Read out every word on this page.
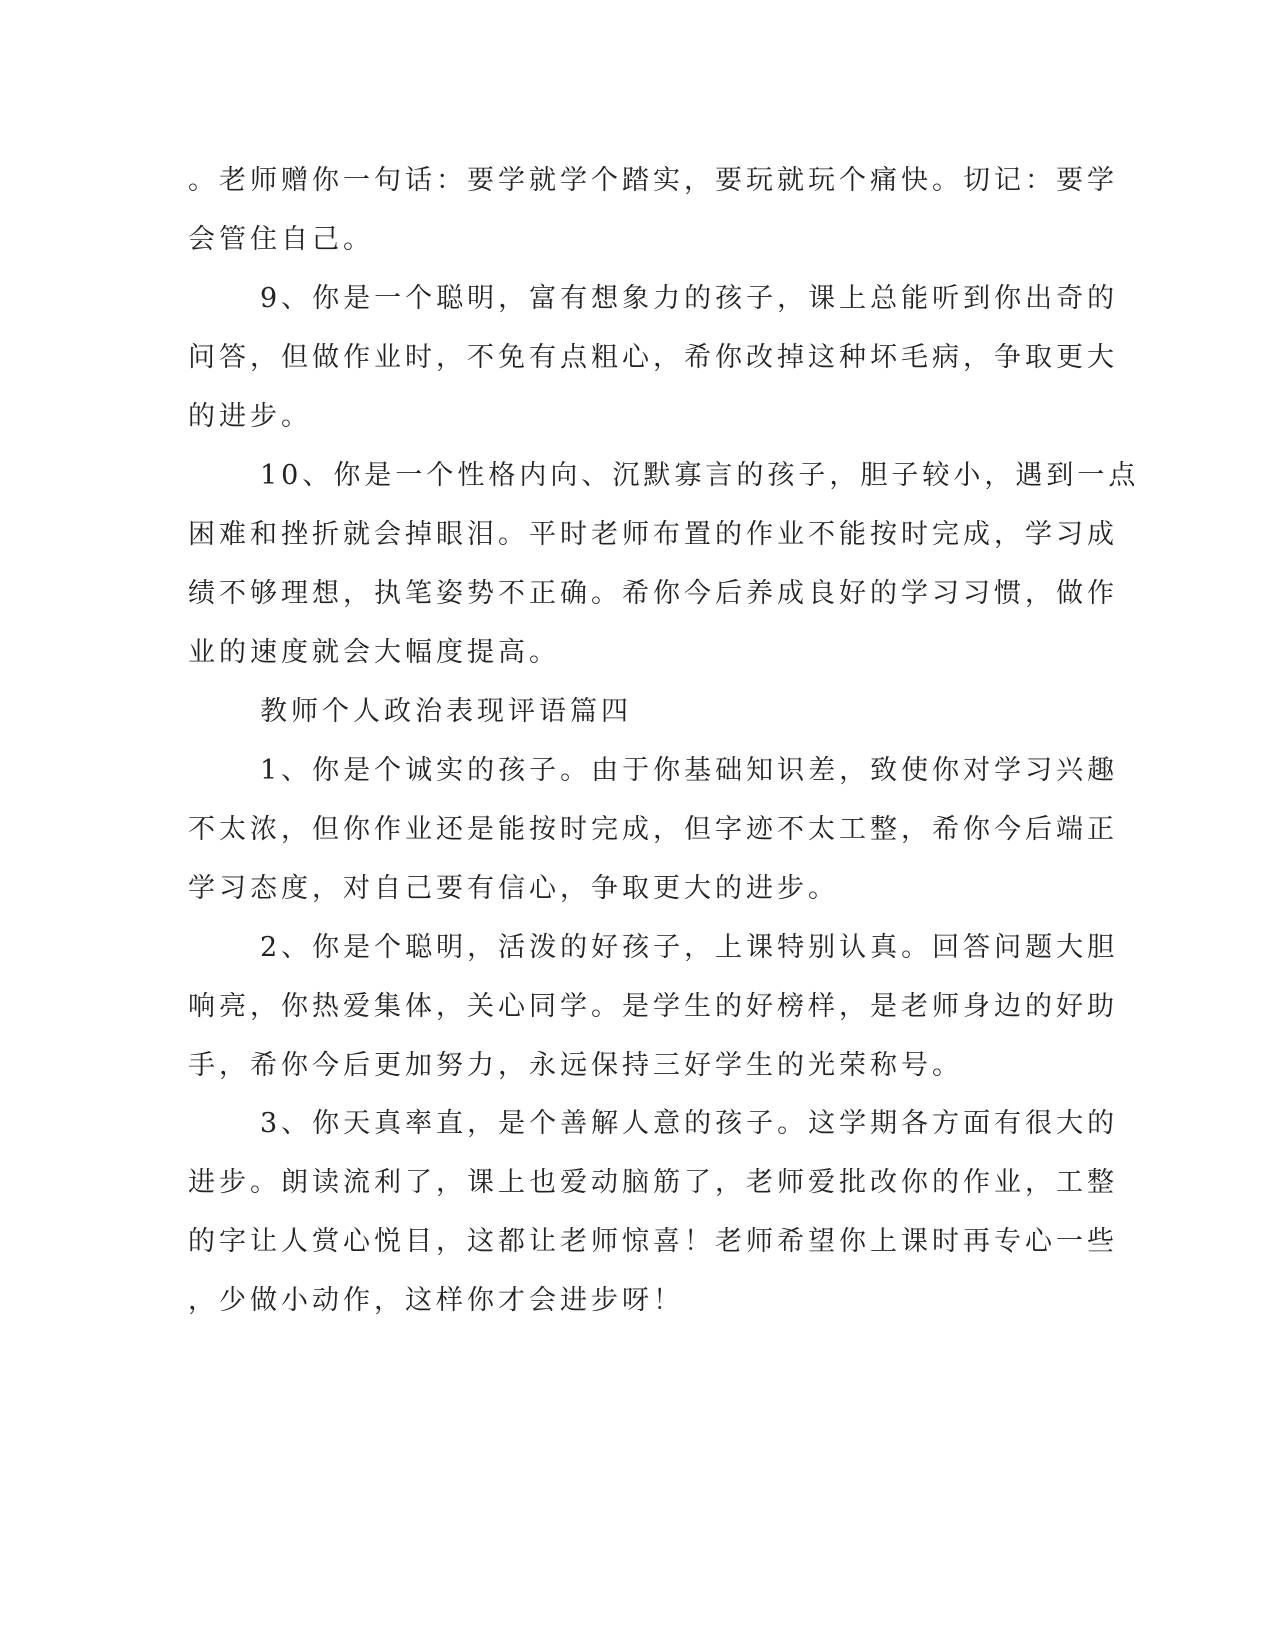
。老师赠你一句话：要学就学个踏实，要玩就玩个痛快。切记：要学
会管住自己。
9、你是一个聪明，富有想象力的孩子，课上总能听到你出奇的
问答，但做作业时，不免有点粗心，希你改掉这种坏毛病，争取更大
的进步。
10、你是一个性格内向、沉默寡言的孩子，胆子较小，遇到一点
困难和挫折就会掉眼泪。平时老师布置的作业不能按时完成，学习成
绩不够理想，执笔姿势不正确。希你今后养成良好的学习习惯，做作
业的速度就会大幅度提高。
教师个人政治表现评语篇四
1、你是个诚实的孩子。由于你基础知识差，致使你对学习兴趣
不太浓，但你作业还是能按时完成，但字迹不太工整，希你今后端正
学习态度，对自己要有信心，争取更大的进步。
2、你是个聪明，活泼的好孩子，上课特别认真。回答问题大胆
响亮，你热爱集体，关心同学。是学生的好榜样，是老师身边的好助
手，希你今后更加努力，永远保持三好学生的光荣称号。
3、你天真率直，是个善解人意的孩子。这学期各方面有很大的
进步。朗读流利了，课上也爱动脑筋了，老师爱批改你的作业，工整
的字让人赏心悦目，这都让老师惊喜！老师希望你上课时再专心一些
，少做小动作，这样你才会进步呀！
